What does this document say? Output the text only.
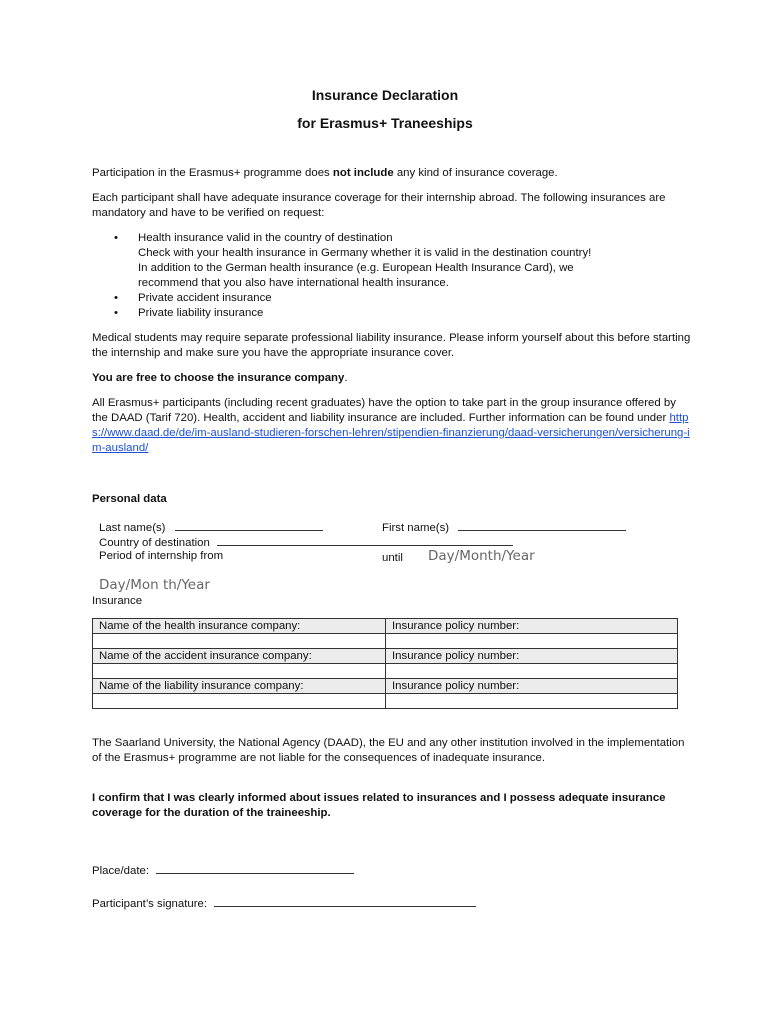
Insurance Declaration
for Erasmus+ Traneeships
Participation in the Erasmus+ programme does not include any kind of insurance coverage.
Each participant shall have adequate insurance coverage for their internship abroad. The following insurances are mandatory and have to be verified on request:
• Health insurance valid in the country of destination
Check with your health insurance in Germany whether it is valid in the destination country!
In addition to the German health insurance (e.g. European Health Insurance Card), we
recommend that you also have international health insurance.
• Private accident insurance
• Private liability insurance
Medical students may require separate professional liability insurance. Please inform yourself about this before starting the internship and make sure you have the appropriate insurance cover.
You are free to choose the insurance company.
All Erasmus+ participants (including recent graduates) have the option to take part in the group insurance offered by the DAAD (Tarif 720). Health, accident and liability insurance are included. Further information can be found under https://www.daad.de/de/im-ausland-studieren-forschen-lehren/stipendien-finanzierung/daad-versicherungen/versicherung-im-ausland/
Personal data
Last name(s)	First name(s)
Country of destination
Period of internship from	until Day/Month/Year
Day/Mon th/Year
Insurance
Name of the health insurance company:	Insurance policy number:

Name of the accident insurance company:	Insurance policy number:

Name of the liability insurance company:	Insurance policy number:

The Saarland University, the National Agency (DAAD), the EU and any other institution involved in the implementation of the Erasmus+ programme are not liable for the consequences of inadequate insurance.
I confirm that I was clearly informed about issues related to insurances and I possess adequate insurance coverage for the duration of the traineeship.
Place/date:
Participant’s signature:
